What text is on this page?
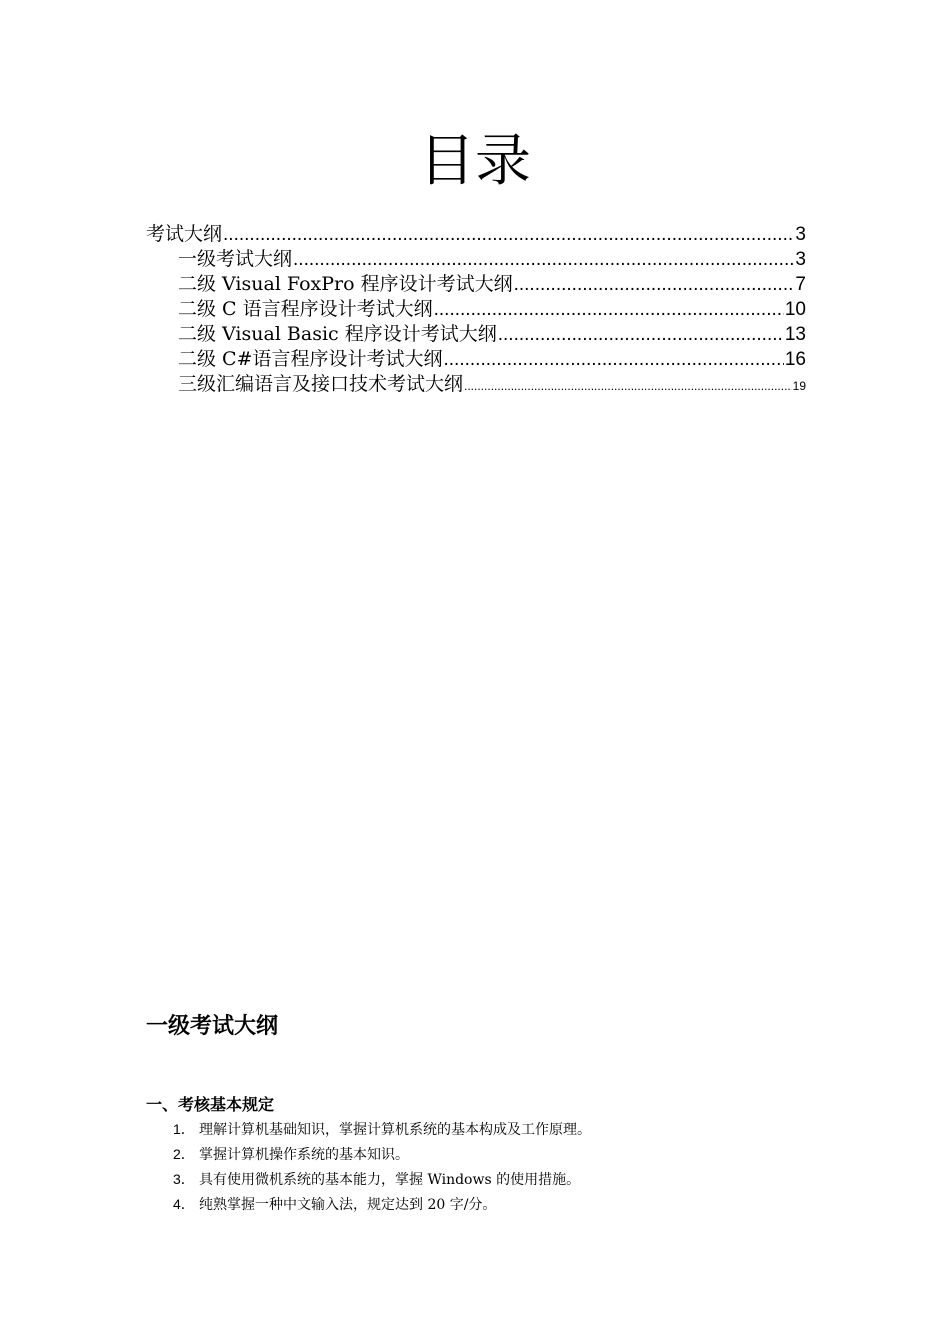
目录
考试大纲 .....	3
一级考试大纲 .....	3
二级 Visual FoxPro 程序设计考试大纲 .....	7
二级 C 语言程序设计考试大纲 .....	10
二级 Visual Basic 程序设计考试大纲 .....	13
二级 C#语言程序设计考试大纲 .....	16
三级汇编语言及接口技术考试大纲 .....	19
一级考试大纲
一、考核基本规定
1． 理解计算机基础知识，掌握计算机系统的基本构成及工作原理。
2． 掌握计算机操作系统的基本知识。
3． 具有使用微机系统的基本能力，掌握 Windows 的使用措施。
4． 纯熟掌握一种中文输入法，规定达到 20 字/分。
